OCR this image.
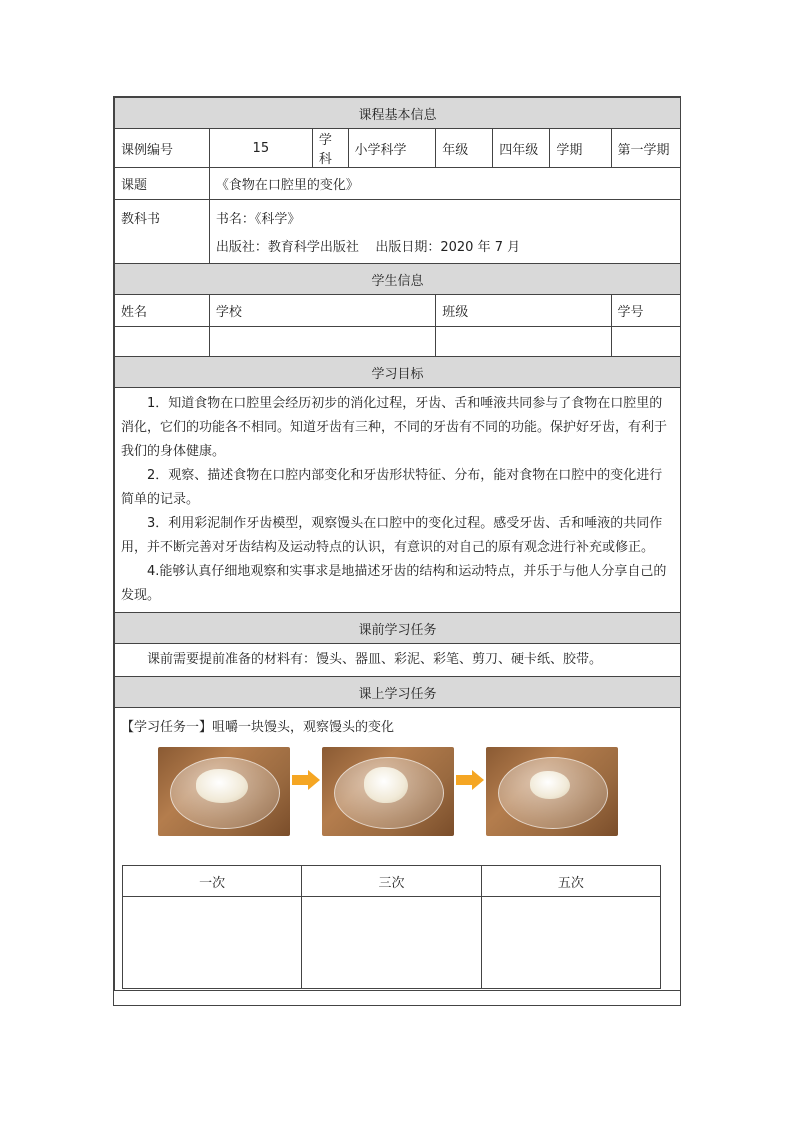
课程基本信息
课例编号	15	学科	小学科学	年级	四年级	学期	第一学期
课题	《食物在口腔里的变化》
教科书	书名：《科学》
出版社：教育科学出版社    出版日期：2020 年 7 月

学生信息
姓名	学校	班级	学号

学习目标

1．知道食物在口腔里会经历初步的消化过程，牙齿、舌和唾液共同参与了食物在口腔里的消化，它们的功能各不相同。知道牙齿有三种，不同的牙齿有不同的功能。保护好牙齿，有利于我们的身体健康。

2．观察、描述食物在口腔内部变化和牙齿形状特征、分布，能对食物在口腔中的变化进行简单的记录。

3．利用彩泥制作牙齿模型，观察馒头在口腔中的变化过程。感受牙齿、舌和唾液的共同作用，并不断完善对牙齿结构及运动特点的认识，有意识的对自己的原有观念进行补充或修正。

4.能够认真仔细地观察和实事求是地描述牙齿的结构和运动特点，并乐于与他人分享自己的发现。

课前学习任务

课前需要提前准备的材料有：馒头、器皿、彩泥、彩笔、剪刀、硬卡纸、胶带。

课上学习任务

【学习任务一】咀嚼一块馒头，观察馒头的变化
一次	三次	五次
